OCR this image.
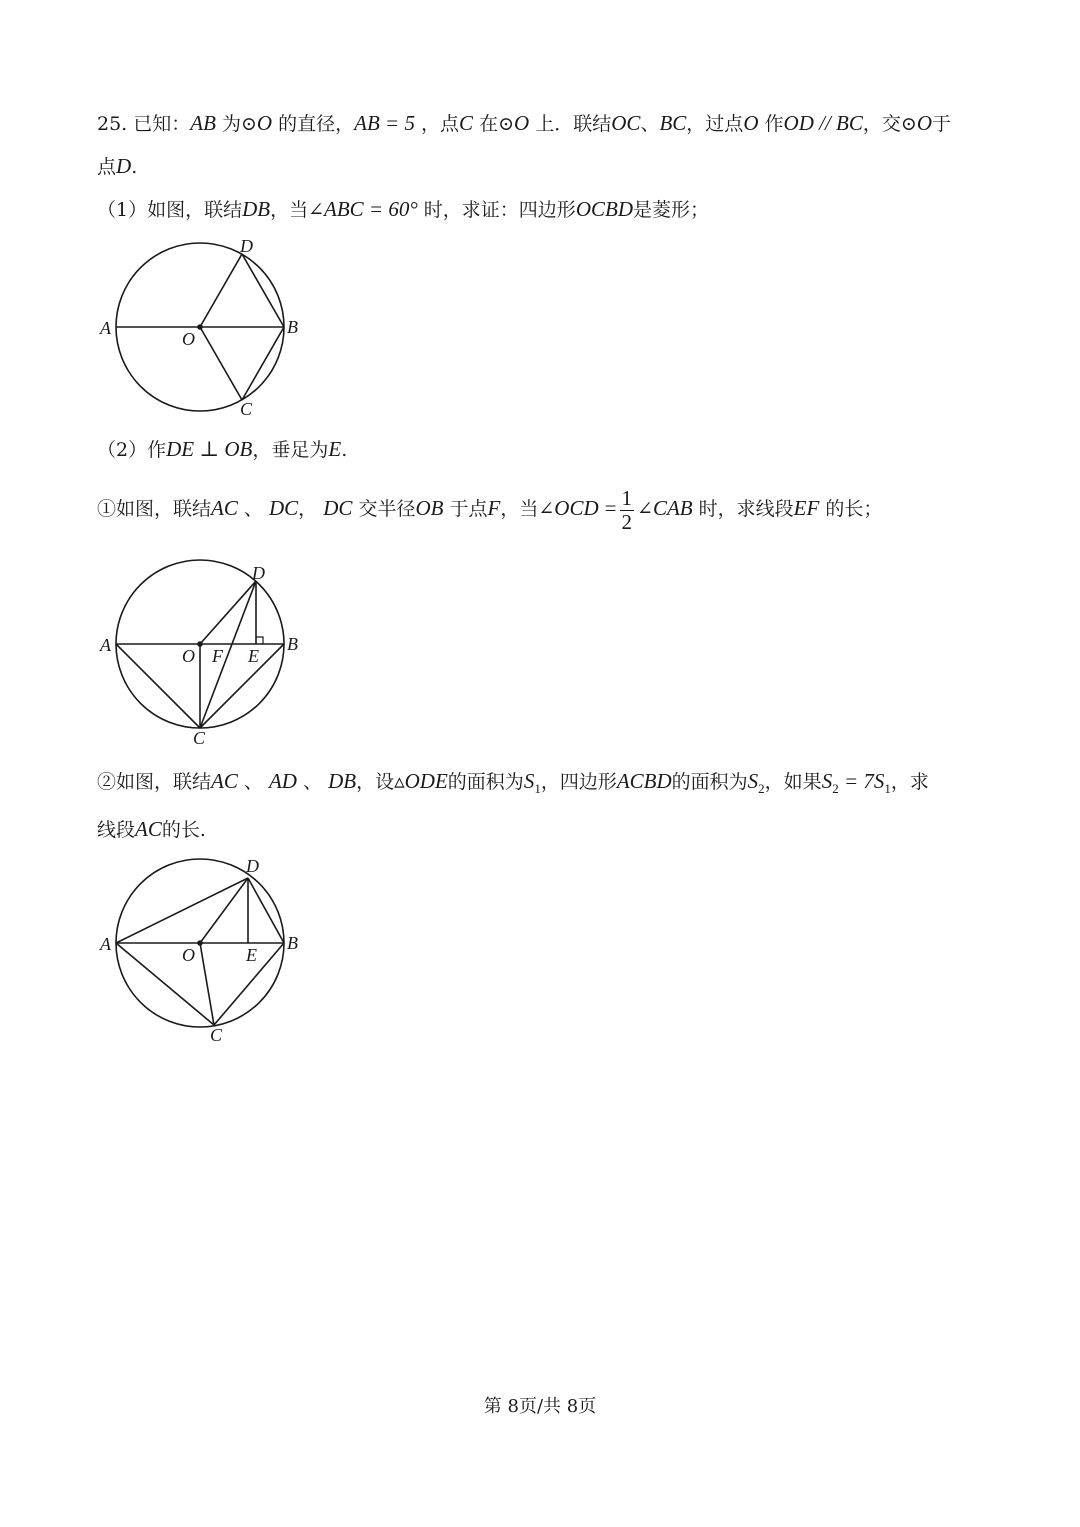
25. 已知：AB 为⊙O 的直径，AB = 5 ，点C 在⊙O 上．联结OC、BC，过点O 作OD // BC，交⊙O于
点D.
（1）如图，联结DB，当∠ABC = 60° 时，求证：四边形OCBD是菱形；
A	B
O
C
D
（2）作DE ⊥ OB，垂足为E.
①如图，联结AC 、 DC， DC 交半径OB 于点F，当∠OCD = $\frac{1}{2}$ ∠CAB 时，求线段EF 的长；
A	B
O F E
C
D
②如图，联结AC 、 AD 、 DB，设▵ODE的面积为$S_1$，四边形ACBD的面积为$S_2$，如果$S_2 = 7S_1$，求
线段AC的长.
A	B
O	E
C
D
第 8页/共 8页
